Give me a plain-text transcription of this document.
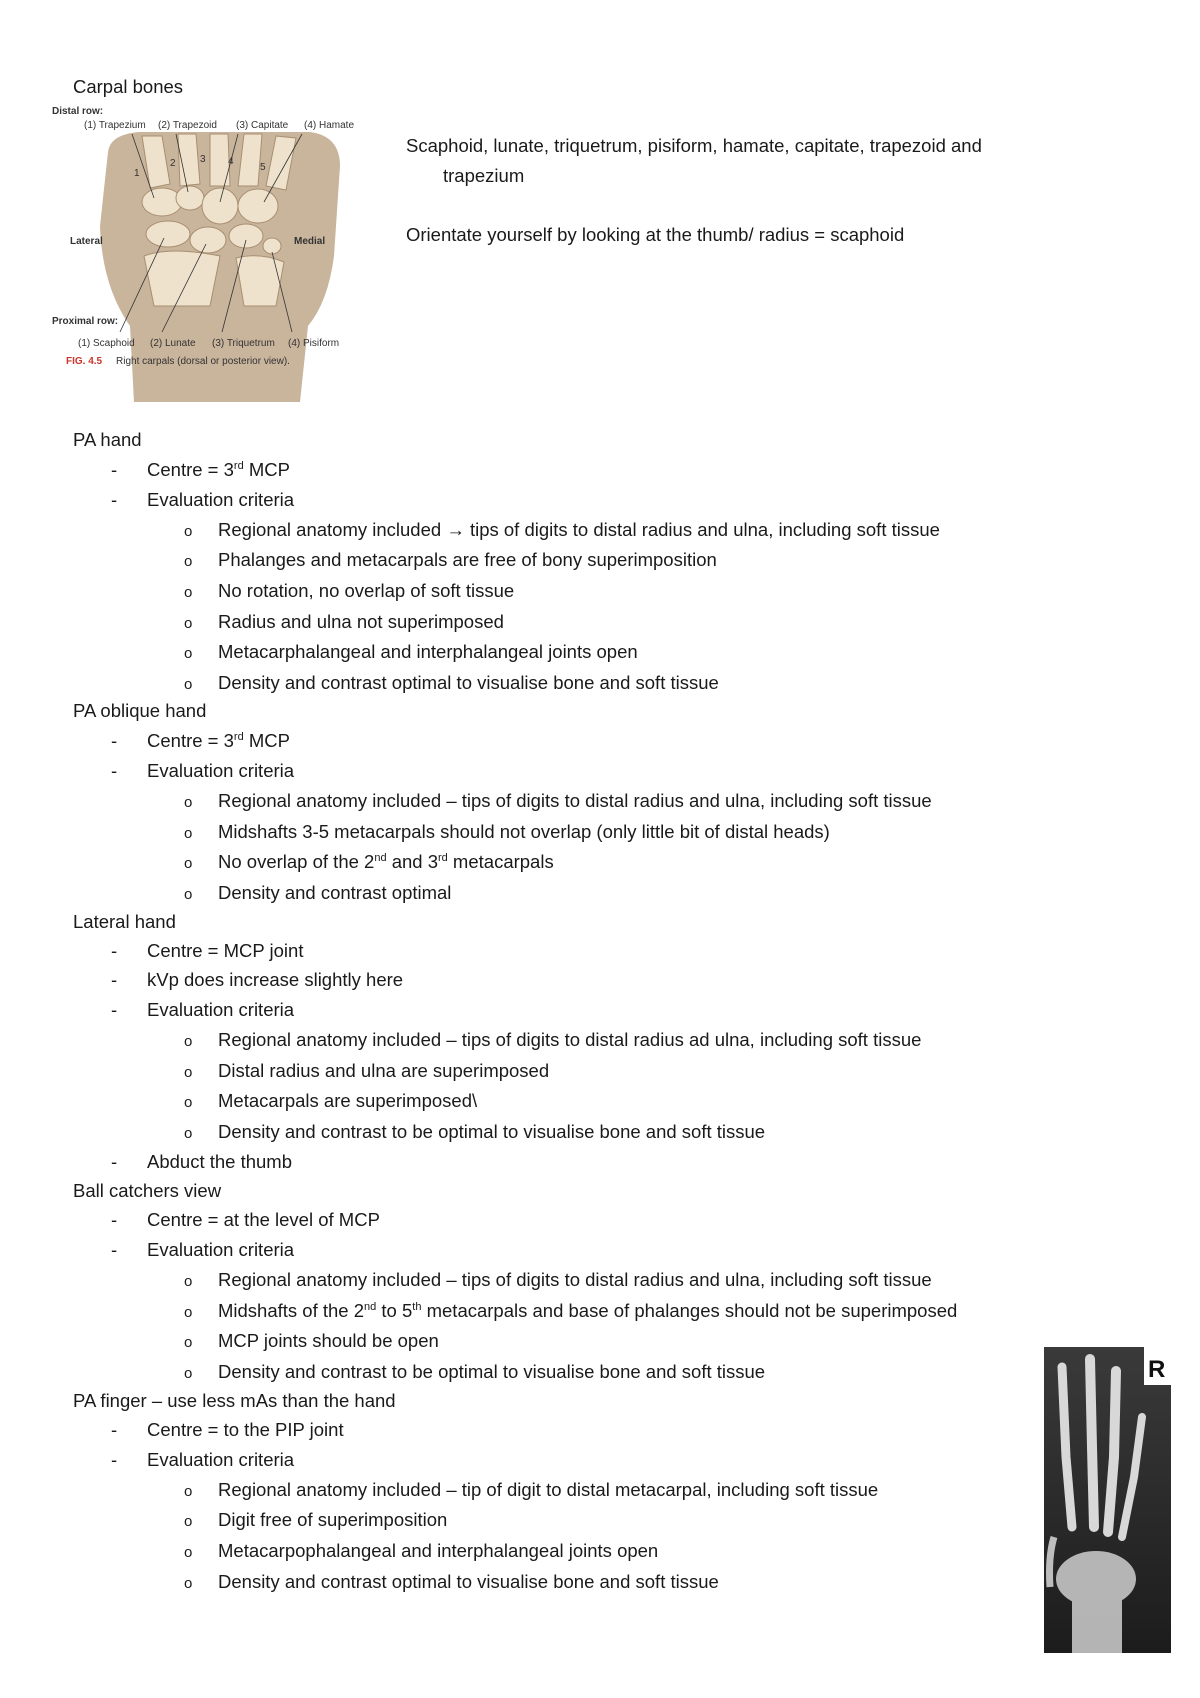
Carpal bones
1
2 3 4
5
Distal row:
(1) Trapezium (2) Trapezoid (3) Capitate (4) Hamate
Lateral	Medial
Proximal row:
(1) Scaphoid (2) Lunate (3) Triquetrum (4) Pisiform
FIG. 4.5 Right carpals (dorsal or posterior view).
Scaphoid, lunate, triquetrum, pisiform, hamate, capitate, trapezoid and
trapezium
Orientate yourself by looking at the thumb/ radius = scaphoid
PA hand
- Centre = 3rd MCP
- Evaluation criteria
o Regional anatomy included → tips of digits to distal radius and ulna, including soft tissue
o Phalanges and metacarpals are free of bony superimposition
o No rotation, no overlap of soft tissue
o Radius and ulna not superimposed
o Metacarphalangeal and interphalangeal joints open
o Density and contrast optimal to visualise bone and soft tissue
PA oblique hand
- Centre = 3rd MCP
- Evaluation criteria
o Regional anatomy included – tips of digits to distal radius and ulna, including soft tissue
o Midshafts 3-5 metacarpals should not overlap (only little bit of distal heads)
o No overlap of the 2nd and 3rd metacarpals
o Density and contrast optimal
Lateral hand
- Centre = MCP joint
- kVp does increase slightly here
- Evaluation criteria
o Regional anatomy included – tips of digits to distal radius ad ulna, including soft tissue
o Distal radius and ulna are superimposed
o Metacarpals are superimposed\
o Density and contrast to be optimal to visualise bone and soft tissue
- Abduct the thumb
Ball catchers view
- Centre = at the level of MCP
- Evaluation criteria
o Regional anatomy included – tips of digits to distal radius and ulna, including soft tissue
o Midshafts of the 2nd to 5th metacarpals and base of phalanges should not be superimposed
o MCP joints should be open
o Density and contrast to be optimal to visualise bone and soft tissue
PA finger – use less mAs than the hand
- Centre = to the PIP joint
- Evaluation criteria
o Regional anatomy included – tip of digit to distal metacarpal, including soft tissue
o Digit free of superimposition
o Metacarpophalangeal and interphalangeal joints open
o Density and contrast optimal to visualise bone and soft tissue
R
